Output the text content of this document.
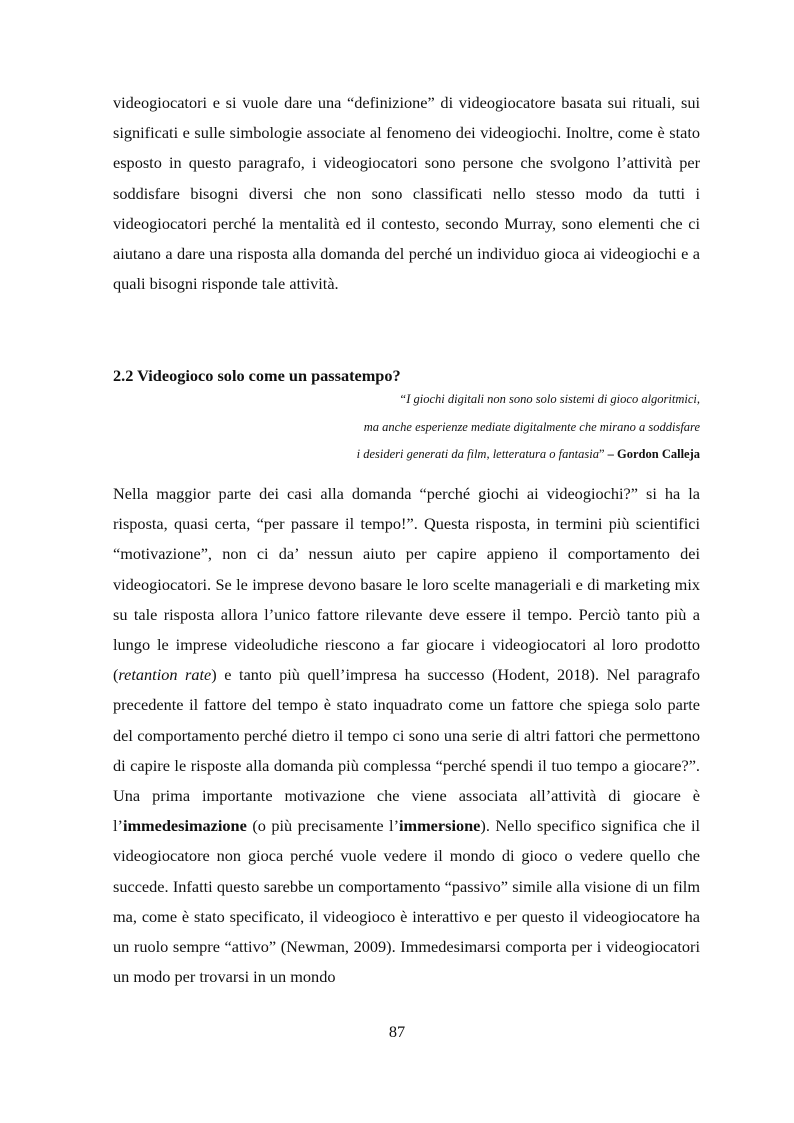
videogiocatori e si vuole dare una “definizione” di videogiocatore basata sui rituali, sui significati e sulle simbologie associate al fenomeno dei videogiochi. Inoltre, come è stato esposto in questo paragrafo, i videogiocatori sono persone che svolgono l’attività per soddisfare bisogni diversi che non sono classificati nello stesso modo da tutti i videogiocatori perché la mentalità ed il contesto, secondo Murray, sono elementi che ci aiutano a dare una risposta alla domanda del perché un individuo gioca ai videogiochi e a quali bisogni risponde tale attività.

2.2 Videogioco solo come un passatempo?

“I giochi digitali non sono solo sistemi di gioco algoritmici,

ma anche esperienze mediate digitalmente che mirano a soddisfare

i desideri generati da film, letteratura o fantasia” – Gordon Calleja

Nella maggior parte dei casi alla domanda “perché giochi ai videogiochi?” si ha la risposta, quasi certa, “per passare il tempo!”. Questa risposta, in termini più scientifici “motivazione”, non ci da’ nessun aiuto per capire appieno il comportamento dei videogiocatori. Se le imprese devono basare le loro scelte manageriali e di marketing mix su tale risposta allora l’unico fattore rilevante deve essere il tempo. Perciò tanto più a lungo le imprese videoludiche riescono a far giocare i videogiocatori al loro prodotto (retantion rate) e tanto più quell’impresa ha successo (Hodent, 2018). Nel paragrafo precedente il fattore del tempo è stato inquadrato come un fattore che spiega solo parte del comportamento perché dietro il tempo ci sono una serie di altri fattori che permettono di capire le risposte alla domanda più complessa “perché spendi il tuo tempo a giocare?”. Una prima importante motivazione che viene associata all’attività di giocare è l’immedesimazione (o più precisamente l’immersione). Nello specifico significa che il videogiocatore non gioca perché vuole vedere il mondo di gioco o vedere quello che succede. Infatti questo sarebbe un comportamento “passivo” simile alla visione di un film ma, come è stato specificato, il videogioco è interattivo e per questo il videogiocatore ha un ruolo sempre “attivo” (Newman, 2009). Immedesimarsi comporta per i videogiocatori un modo per trovarsi in un mondo

87
